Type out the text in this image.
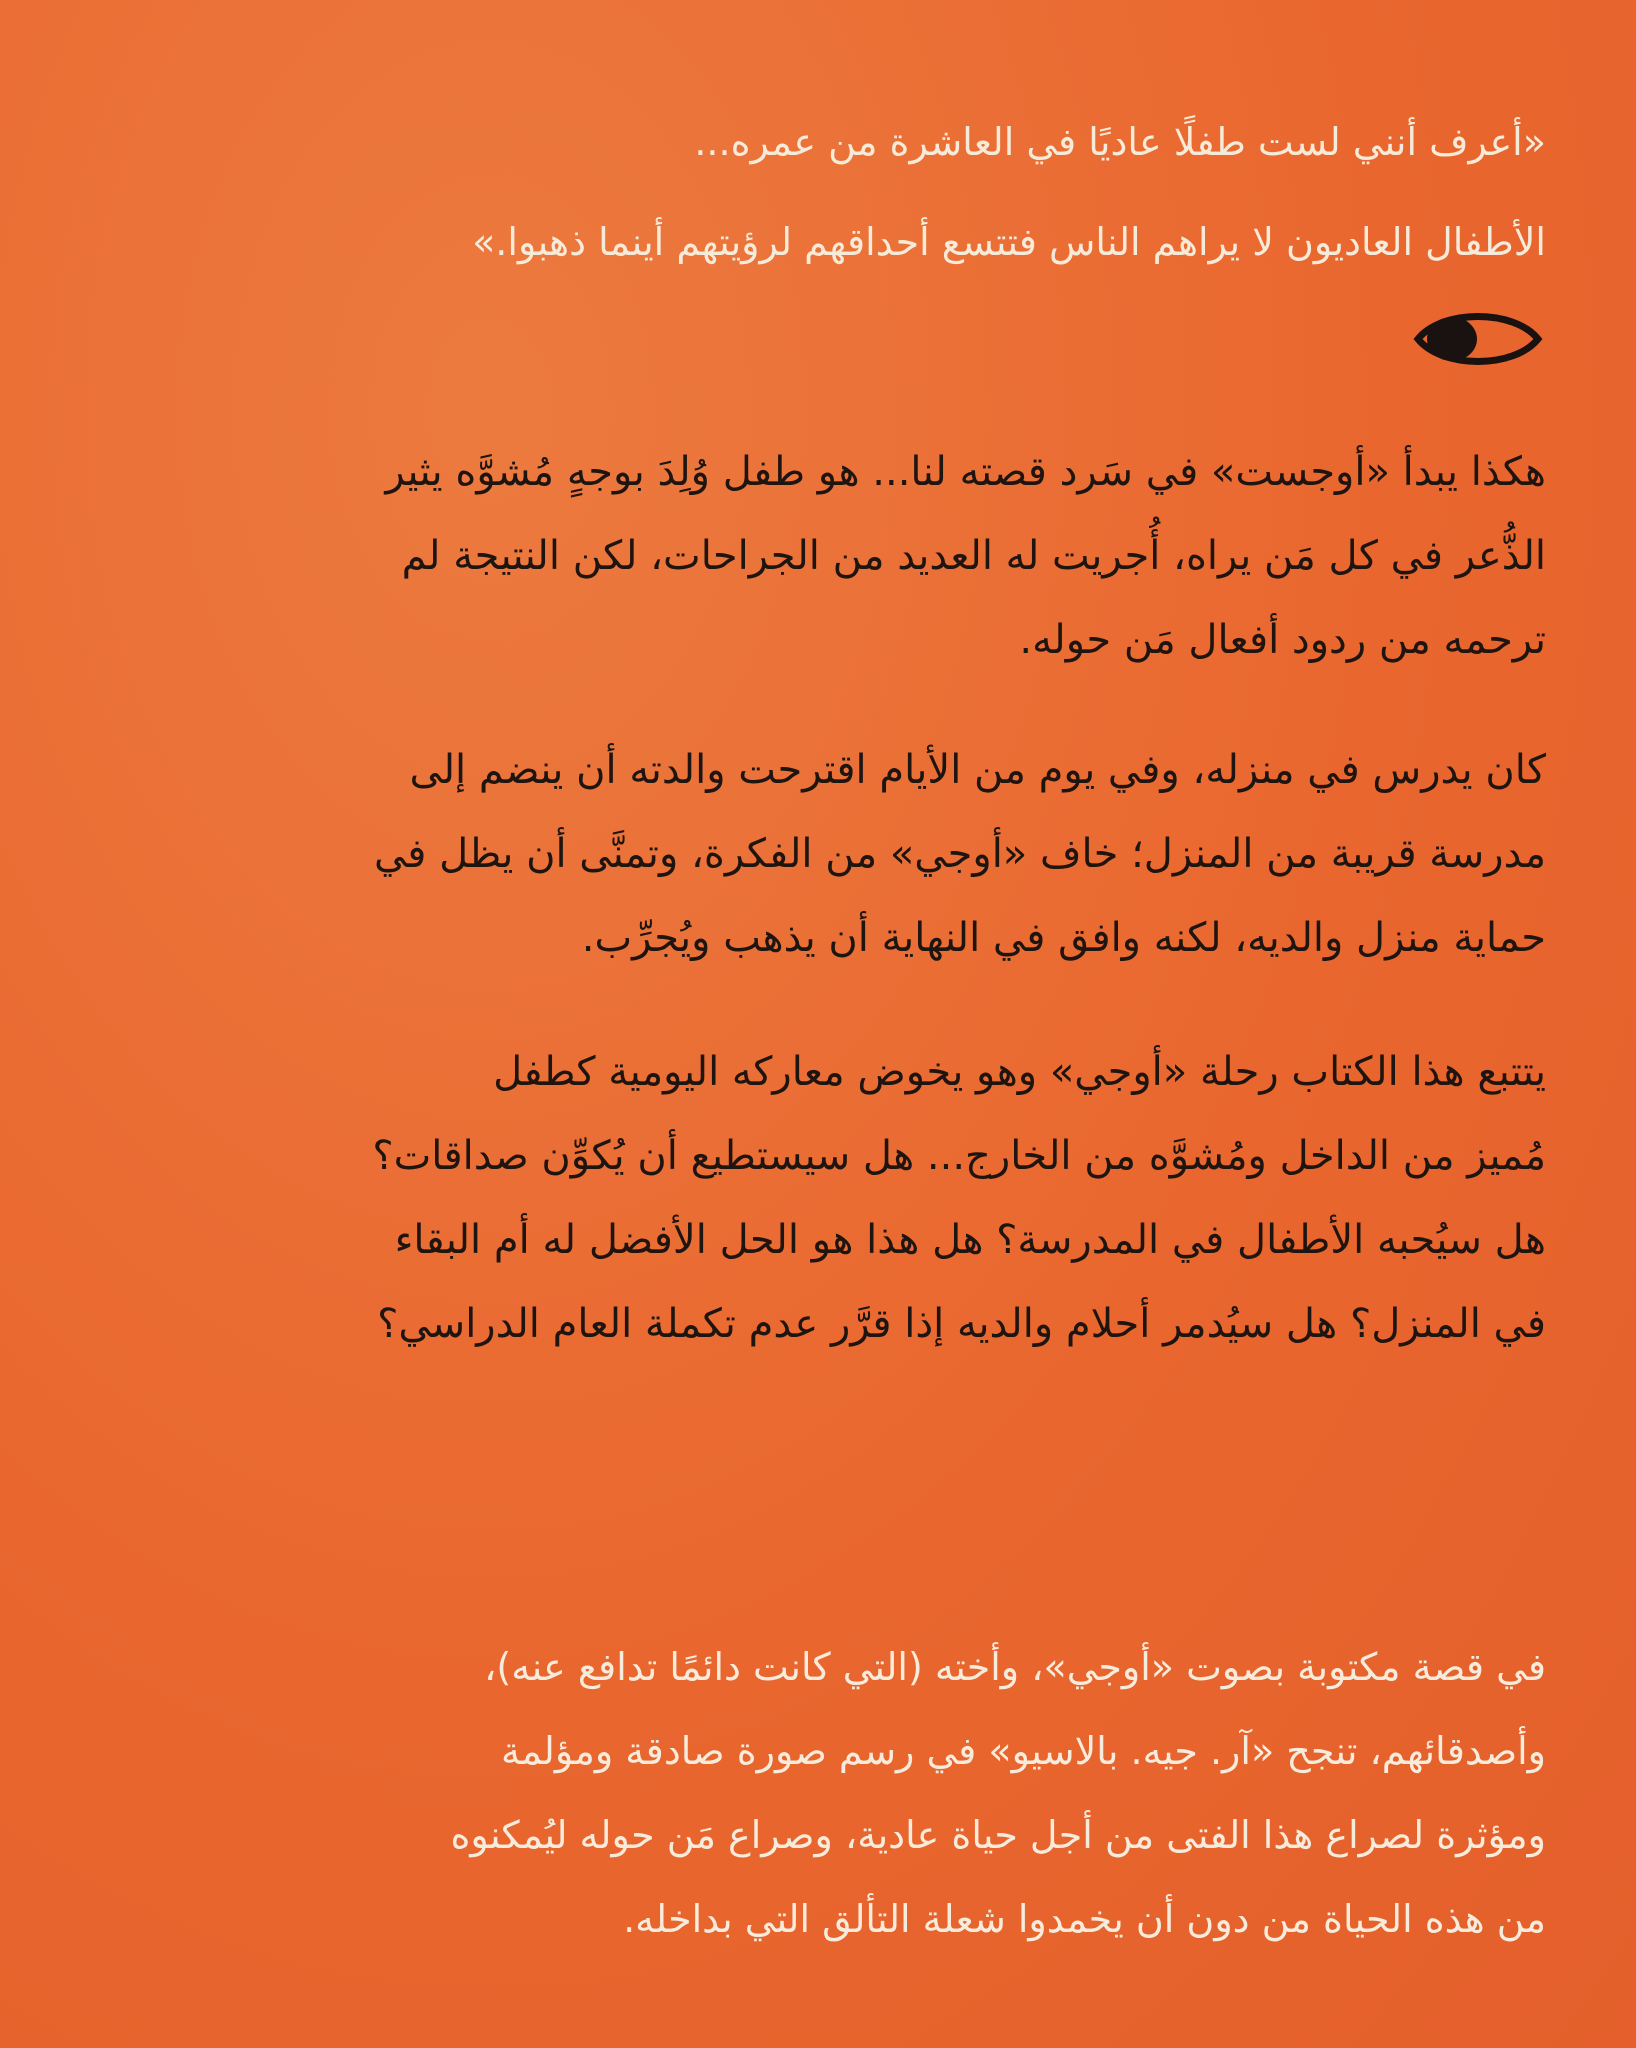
«أعرف أنني لست طفلًا عاديًا في العاشرة من عمره...
الأطفال العاديون لا يراهم الناس فتتسع أحداقهم لرؤيتهم أينما ذهبوا.»
هكذا يبدأ «أوجست» في سَرد قصته لنا... هو طفل وُلِدَ بوجهٍ مُشوَّه يثير
الذُّعر في كل مَن يراه، أُجريت له العديد من الجراحات، لكن النتيجة لم
ترحمه من ردود أفعال مَن حوله.
كان يدرس في منزله، وفي يوم من الأيام اقترحت والدته أن ينضم إلى
مدرسة قريبة من المنزل؛ خاف «أوجي» من الفكرة، وتمنَّى أن يظل في
حماية منزل والديه، لكنه وافق في النهاية أن يذهب ويُجرِّب.
يتتبع هذا الكتاب رحلة «أوجي» وهو يخوض معاركه اليومية كطفل
مُميز من الداخل ومُشوَّه من الخارج... هل سيستطيع أن يُكوِّن صداقات؟
هل سيُحبه الأطفال في المدرسة؟ هل هذا هو الحل الأفضل له أم البقاء
في المنزل؟ هل سيُدمر أحلام والديه إذا قرَّر عدم تكملة العام الدراسي؟
في قصة مكتوبة بصوت «أوجي»، وأخته (التي كانت دائمًا تدافع عنه)،
وأصدقائهم، تنجح «آر. جيه. بالاسيو» في رسم صورة صادقة ومؤلمة
ومؤثرة لصراع هذا الفتى من أجل حياة عادية، وصراع مَن حوله ليُمكنوه
من هذه الحياة من دون أن يخمدوا شعلة التألق التي بداخله.
